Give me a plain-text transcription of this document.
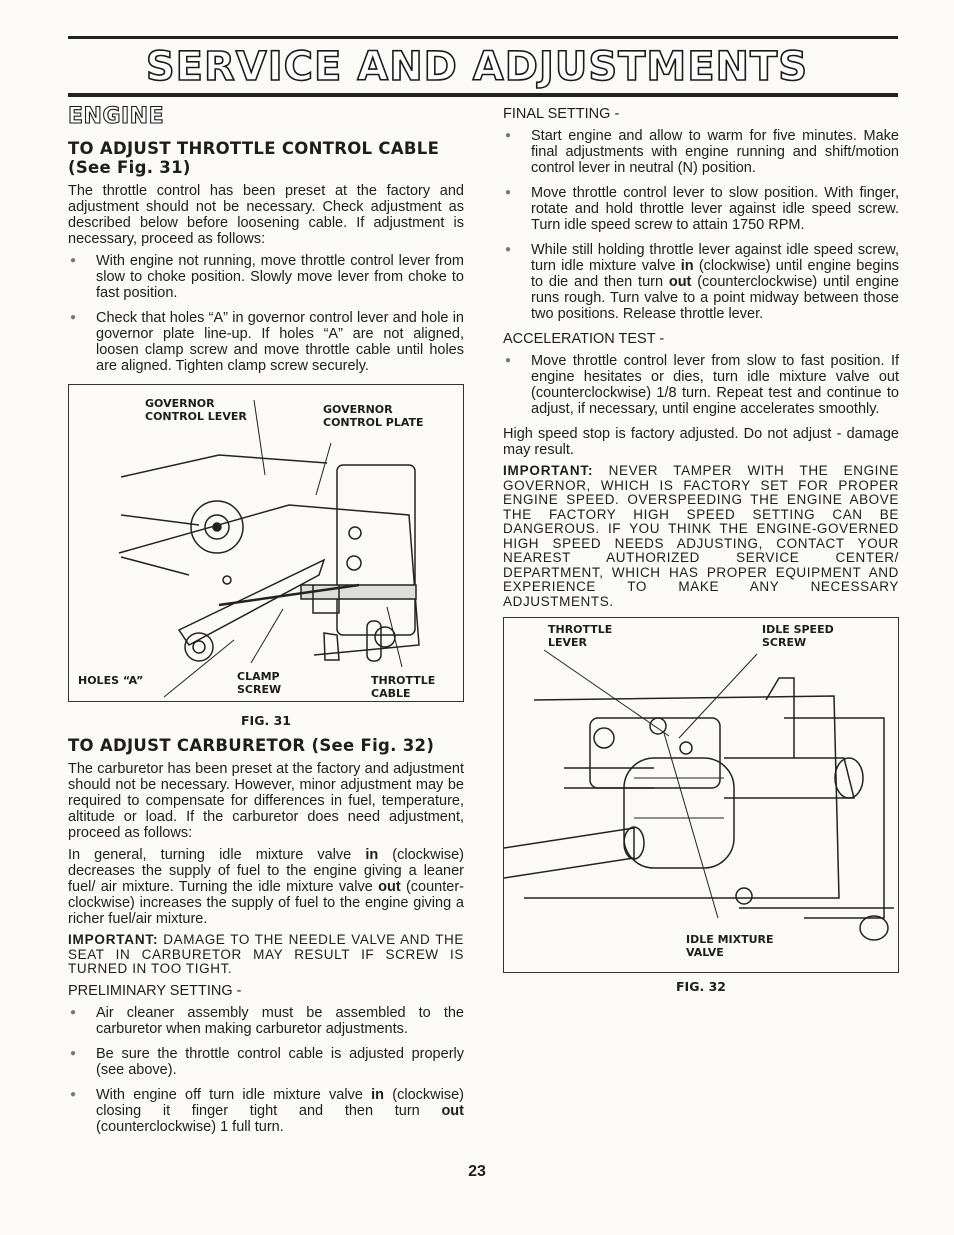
SERVICE AND ADJUSTMENTS
ENGINE
TO ADJUST THROTTLE CONTROL CABLE
(See Fig. 31)

The throttle control has been preset at the factory and adjustment should not be necessary. Check adjustment as described below before loosening cable. If adjustment is necessary, proceed as follows:

● With engine not running, move throttle control lever from slow to choke position. Slowly move lever from choke to fast position.
● Check that holes “A” in governor control lever and hole in governor plate line-up. If holes “A” are not aligned, loosen clamp screw and move throttle cable until holes are aligned. Tighten clamp screw securely.
GOVERNOR
CONTROL LEVER	GOVERNOR
CONTROL PLATE
HOLES “A”	CLAMP
SCREW
THROTTLE
CABLE
FIG. 31
TO ADJUST CARBURETOR (See Fig. 32)

The carburetor has been preset at the factory and adjustment should not be necessary. However, minor adjustment may be required to compensate for differences in fuel, temperature, altitude or load. If the carburetor does need adjustment, proceed as follows:

In general, turning idle mixture valve in (clockwise) decreases the supply of fuel to the engine giving a leaner fuel/ air mixture. Turning the idle mixture valve out (counter-clockwise) increases the supply of fuel to the engine giving a richer fuel/air mixture.

IMPORTANT: DAMAGE TO THE NEEDLE VALVE AND THE SEAT IN CARBURETOR MAY RESULT IF SCREW IS TURNED IN TOO TIGHT.

PRELIMINARY SETTING -

● Air cleaner assembly must be assembled to the carburetor when making carburetor adjustments.
● Be sure the throttle control cable is adjusted properly (see above).
● With engine off turn idle mixture valve in (clockwise) closing it finger tight and then turn out (counterclockwise) 1 full turn.

FINAL SETTING -

● Start engine and allow to warm for five minutes. Make final adjustments with engine running and shift/motion control lever in neutral (N) position.
● Move throttle control lever to slow position. With finger, rotate and hold throttle lever against idle speed screw. Turn idle speed screw to attain 1750 RPM.
● While still holding throttle lever against idle speed screw, turn idle mixture valve in (clockwise) until engine begins to die and then turn out (counterclockwise) until engine runs rough. Turn valve to a point midway between those two positions. Release throttle lever.

ACCELERATION TEST -

● Move throttle control lever from slow to fast position. If engine hesitates or dies, turn idle mixture valve out (counterclockwise) 1/8 turn. Repeat test and continue to adjust, if necessary, until engine accelerates smoothly.

High speed stop is factory adjusted. Do not adjust - damage may result.

IMPORTANT: NEVER TAMPER WITH THE ENGINE GOVERNOR, WHICH IS FACTORY SET FOR PROPER ENGINE SPEED. OVERSPEEDING THE ENGINE ABOVE THE FACTORY HIGH SPEED SETTING CAN BE DANGEROUS. IF YOU THINK THE ENGINE-GOVERNED HIGH SPEED NEEDS ADJUSTING, CONTACT YOUR NEAREST AUTHORIZED SERVICE CENTER/ DEPARTMENT, WHICH HAS PROPER EQUIPMENT AND EXPERIENCE TO MAKE ANY NECESSARY ADJUSTMENTS.

THROTTLE
LEVER
IDLE SPEED
SCREW
IDLE MIXTURE
VALVE
FIG. 32
23
